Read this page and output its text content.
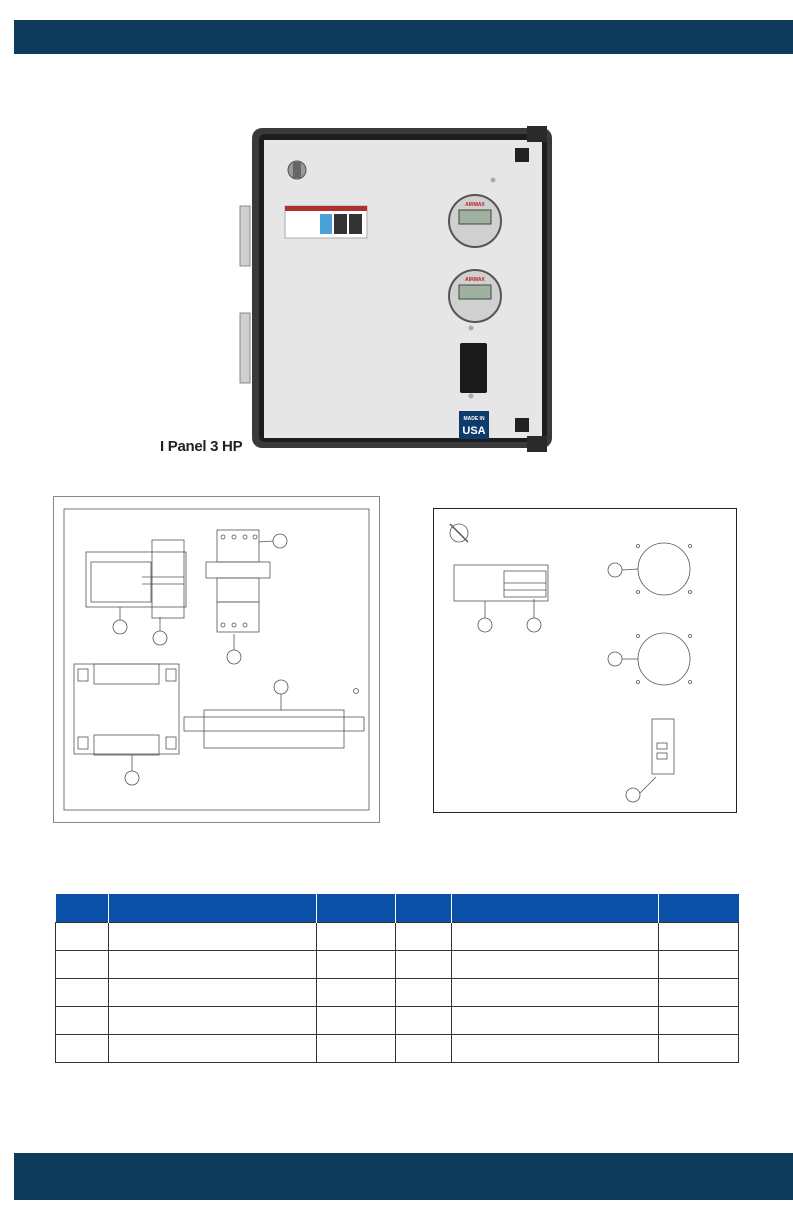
AIRMAX
AIRMAX
MADE IN
USA
I Panel 3 HP
